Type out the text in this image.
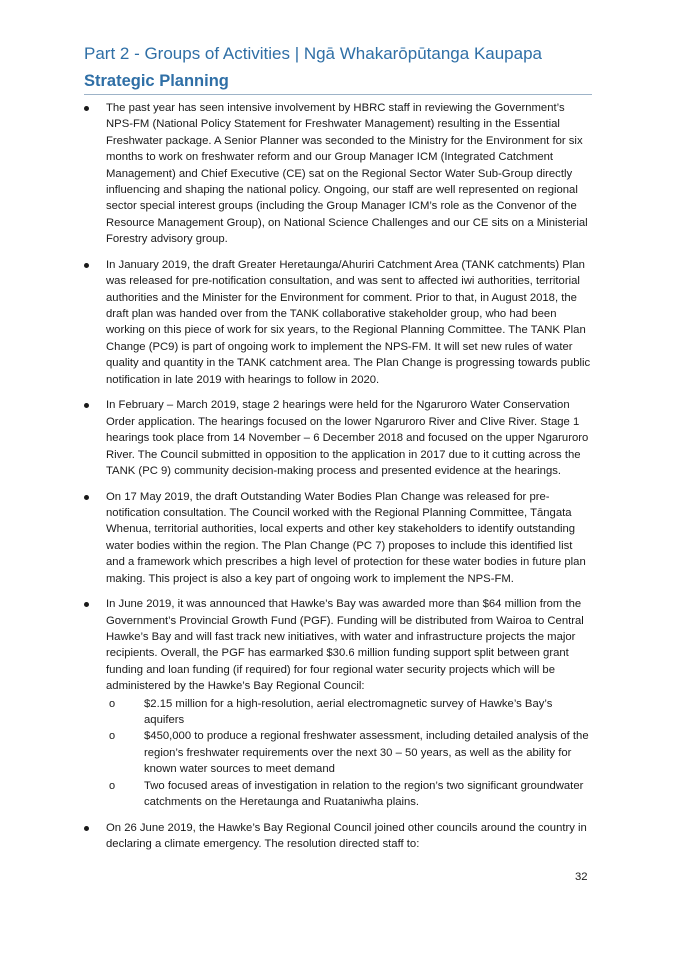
Part 2 - Groups of Activities | Ngā Whakarōpūtanga Kaupapa
Strategic Planning
The past year has seen intensive involvement by HBRC staff in reviewing the Government’s NPS-FM (National Policy Statement for Freshwater Management) resulting in the Essential Freshwater package. A Senior Planner was seconded to the Ministry for the Environment for six months to work on freshwater reform and our Group Manager ICM (Integrated Catchment Management) and Chief Executive (CE) sat on the Regional Sector Water Sub-Group directly influencing and shaping the national policy. Ongoing, our staff are well represented on regional sector special interest groups (including the Group Manager ICM’s role as the Convenor of the Resource Management Group), on National Science Challenges and our CE sits on a Ministerial Forestry advisory group.
In January 2019, the draft Greater Heretaunga/Ahuriri Catchment Area (TANK catchments) Plan was released for pre-notification consultation, and was sent to affected iwi authorities, territorial authorities and the Minister for the Environment for comment. Prior to that, in August 2018, the draft plan was handed over from the TANK collaborative stakeholder group, who had been working on this piece of work for six years, to the Regional Planning Committee. The TANK Plan Change (PC9) is part of ongoing work to implement the NPS-FM. It will set new rules of water quality and quantity in the TANK catchment area. The Plan Change is progressing towards public notification in late 2019 with hearings to follow in 2020.
In February – March 2019, stage 2 hearings were held for the Ngaruroro Water Conservation Order application. The hearings focused on the lower Ngaruroro River and Clive River. Stage 1 hearings took place from 14 November – 6 December 2018 and focused on the upper Ngaruroro River. The Council submitted in opposition to the application in 2017 due to it cutting across the TANK (PC 9) community decision-making process and presented evidence at the hearings.
On 17 May 2019, the draft Outstanding Water Bodies Plan Change was released for pre-notification consultation. The Council worked with the Regional Planning Committee, Tāngata Whenua, territorial authorities, local experts and other key stakeholders to identify outstanding water bodies within the region. The Plan Change (PC 7) proposes to include this identified list and a framework which prescribes a high level of protection for these water bodies in future plan making. This project is also a key part of ongoing work to implement the NPS-FM.
In June 2019, it was announced that Hawke’s Bay was awarded more than $64 million from the Government’s Provincial Growth Fund (PGF). Funding will be distributed from Wairoa to Central Hawke’s Bay and will fast track new initiatives, with water and infrastructure projects the major recipients. Overall, the PGF has earmarked $30.6 million funding support split between grant funding and loan funding (if required) for four regional water security projects which will be administered by the Hawke’s Bay Regional Council:
o	$2.15 million for a high-resolution, aerial electromagnetic survey of Hawke’s Bay’s aquifers
o	$450,000 to produce a regional freshwater assessment, including detailed analysis of the region’s freshwater requirements over the next 30 – 50 years, as well as the ability for known water sources to meet demand
o	Two focused areas of investigation in relation to the region’s two significant groundwater catchments on the Heretaunga and Ruataniwha plains.
On 26 June 2019, the Hawke’s Bay Regional Council joined other councils around the country in declaring a climate emergency. The resolution directed staff to:
32
